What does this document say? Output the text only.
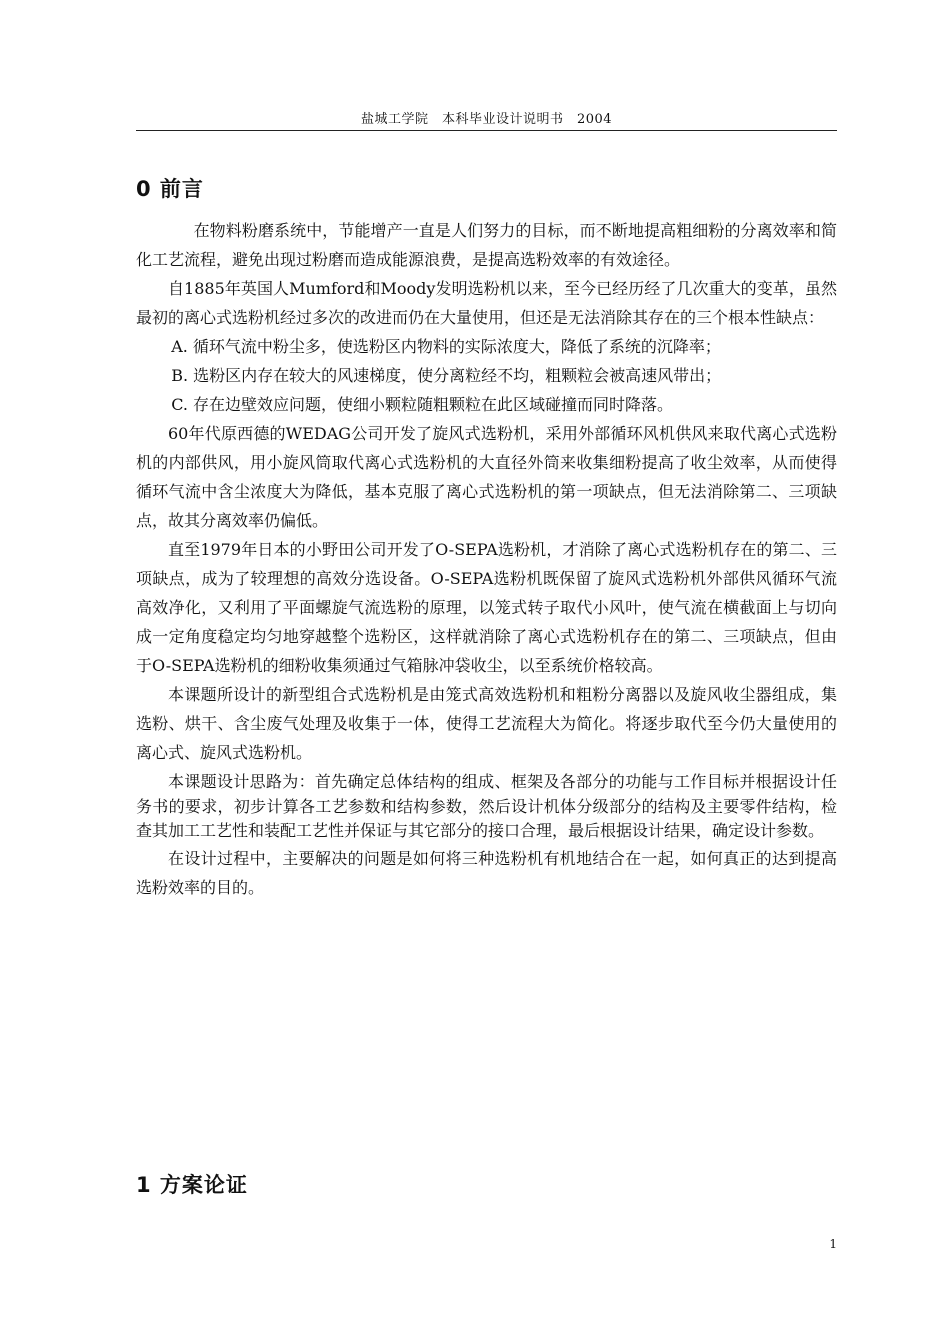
盐城工学院　本科毕业设计说明书　2004
0 前言

在物料粉磨系统中，节能增产一直是人们努力的目标，而不断地提高粗细粉的分离效率和简化工艺流程，避免出现过粉磨而造成能源浪费，是提高选粉效率的有效途径。

自1885年英国人Mumford和Moody发明选粉机以来，至今已经历经了几次重大的变革，虽然最初的离心式选粉机经过多次的改进而仍在大量使用，但还是无法消除其存在的三个根本性缺点：

A. 循环气流中粉尘多，使选粉区内物料的实际浓度大，降低了系统的沉降率；

B. 选粉区内存在较大的风速梯度，使分离粒经不均，粗颗粒会被高速风带出；

C. 存在边壁效应问题，使细小颗粒随粗颗粒在此区域碰撞而同时降落。

60年代原西德的WEDAG公司开发了旋风式选粉机，采用外部循环风机供风来取代离心式选粉机的内部供风，用小旋风筒取代离心式选粉机的大直径外筒来收集细粉提高了收尘效率，从而使得循环气流中含尘浓度大为降低，基本克服了离心式选粉机的第一项缺点，但无法消除第二、三项缺点，故其分离效率仍偏低。

直至1979年日本的小野田公司开发了O-SEPA选粉机，才消除了离心式选粉机存在的第二、三项缺点，成为了较理想的高效分选设备。O-SEPA选粉机既保留了旋风式选粉机外部供风循环气流高效净化，又利用了平面螺旋气流选粉的原理，以笼式转子取代小风叶，使气流在横截面上与切向成一定角度稳定均匀地穿越整个选粉区，这样就消除了离心式选粉机存在的第二、三项缺点，但由于O-SEPA选粉机的细粉收集须通过气箱脉冲袋收尘，以至系统价格较高。

本课题所设计的新型组合式选粉机是由笼式高效选粉机和粗粉分离器以及旋风收尘器组成，集选粉、烘干、含尘废气处理及收集于一体，使得工艺流程大为简化。将逐步取代至今仍大量使用的离心式、旋风式选粉机。

本课题设计思路为：首先确定总体结构的组成、框架及各部分的功能与工作目标并根据设计任务书的要求，初步计算各工艺参数和结构参数，然后设计机体分级部分的结构及主要零件结构，检查其加工工艺性和装配工艺性并保证与其它部分的接口合理，最后根据设计结果，确定设计参数。

在设计过程中，主要解决的问题是如何将三种选粉机有机地结合在一起，如何真正的达到提高选粉效率的目的。

1 方案论证
1
